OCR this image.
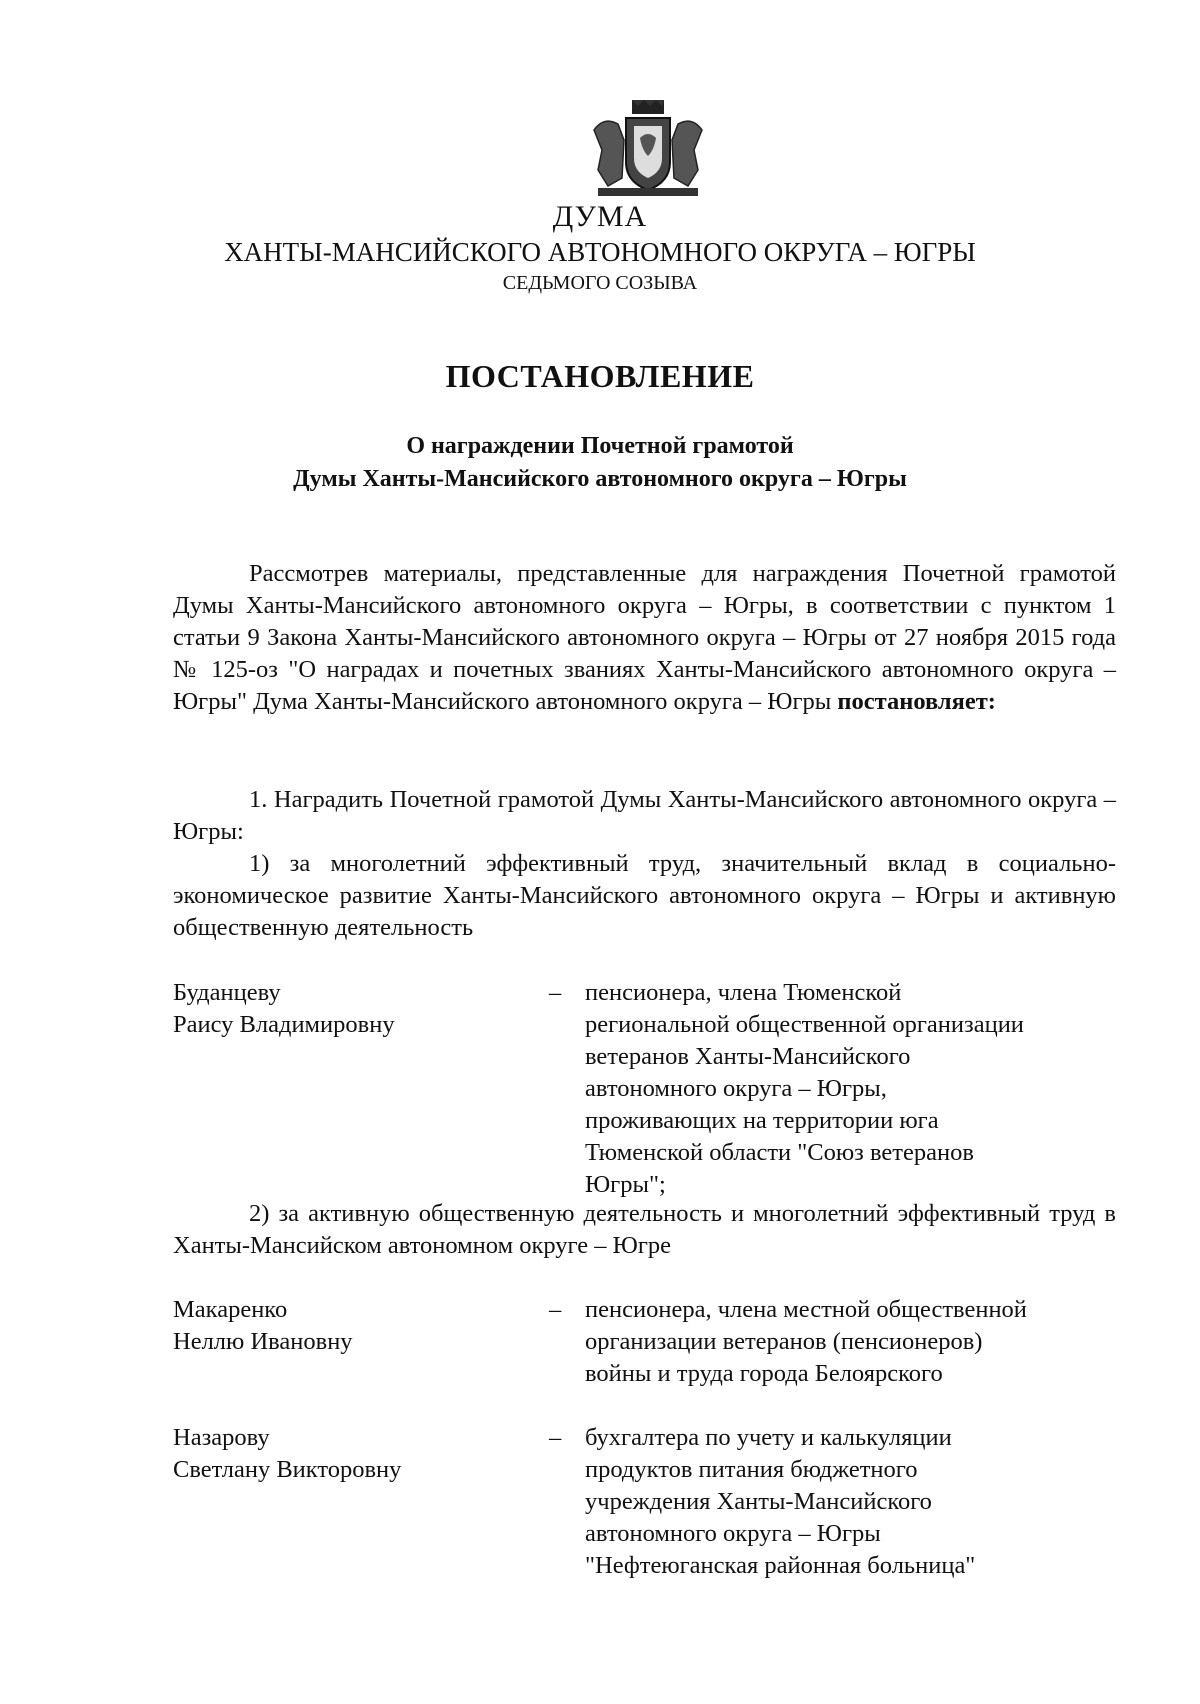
ДУМА
ХАНТЫ-МАНСИЙСКОГО АВТОНОМНОГО ОКРУГА – ЮГРЫ
СЕДЬМОГО СОЗЫВА
ПОСТАНОВЛЕНИЕ
О награждении Почетной грамотой
Думы Ханты-Мансийского автономного округа – Югры
Рассмотрев материалы, представленные для награждения Почетной грамотой Думы Ханты-Мансийского автономного округа – Югры, в соответствии с пунктом 1 статьи 9 Закона Ханты-Мансийского автономного округа – Югры от 27 ноября 2015 года № 125-оз "О наградах и почетных званиях Ханты-Мансийского автономного округа – Югры" Дума Ханты-Мансийского автономного округа – Югры постановляет:
1. Наградить Почетной грамотой Думы Ханты-Мансийского автономного округа – Югры:
1) за многолетний эффективный труд, значительный вклад в социально-экономическое развитие Ханты-Мансийского автономного округа – Югры и активную общественную деятельность
Буданцеву
Раису Владимировну
– пенсионера, члена Тюменской
региональной общественной организации
ветеранов Ханты-Мансийского
автономного округа – Югры,
проживающих на территории юга
Тюменской области "Союз ветеранов
Югры";
2) за активную общественную деятельность и многолетний эффективный труд в Ханты-Мансийском автономном округе – Югре
Макаренко
Неллю Ивановну
– пенсионера, члена местной общественной
организации ветеранов (пенсионеров)
войны и труда города Белоярского
Назарову
Светлану Викторовну
– бухгалтера по учету и калькуляции
продуктов питания бюджетного
учреждения Ханты-Мансийского
автономного округа – Югры
"Нефтеюганская районная больница"
